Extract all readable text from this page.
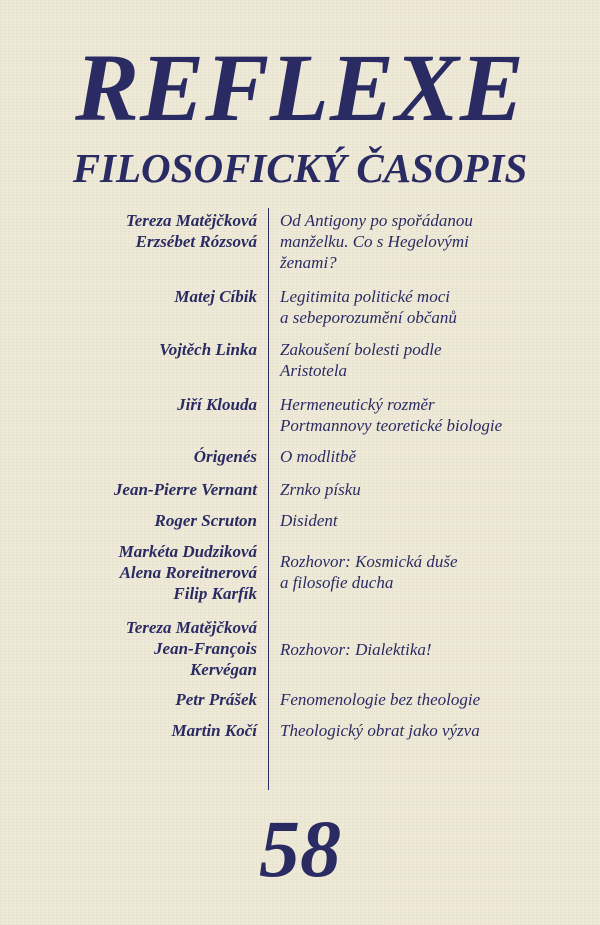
REFLEXE
FILOSOFICKÝ ČASOPIS
Tereza Matějčková
Erzsébet Rózsová
Od Antigony po spořádanou
manželku. Co s Hegelovými
ženami?
Matej Cíbik Legitimita politické moci
a sebeporozumění občanů
Vojtěch Linka Zakoušení bolesti podle
Aristotela
Jiří Klouda Hermeneutický rozměr
Portmannovy teoretické biologie
Órigenés O modlitbě
Jean-Pierre Vernant Zrnko písku
Roger Scruton Disident
Markéta Dudziková
Alena Roreitnerová
Filip Karfík
Rozhovor: Kosmická duše
a filosofie ducha
Tereza Matějčková
Jean-François
Kervégan
Rozhovor: Dialektika!
Petr Prášek Fenomenologie bez theologie
Martin Kočí Theologický obrat jako výzva
58
